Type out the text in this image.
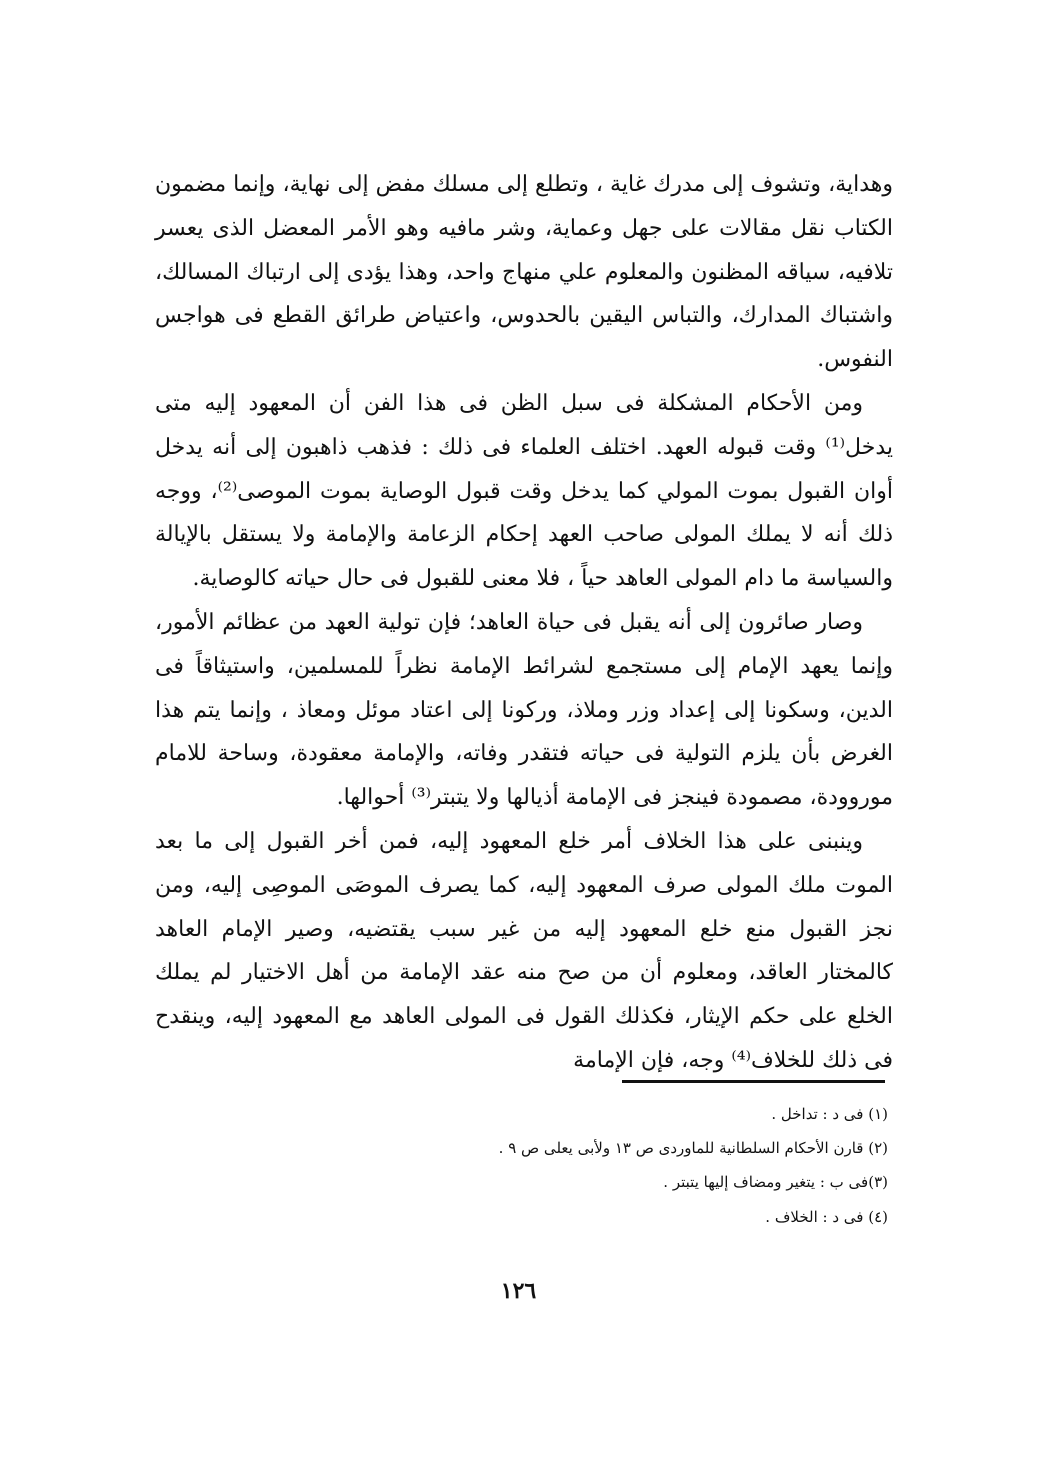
وهداية، وتشوف إلى مدرك غاية ، وتطلع إلى مسلك مفض إلى نهاية، وإنما مضمون الكتاب نقل مقالات على جهل وعماية، وشر مافيه وهو الأمر المعضل الذى يعسر تلافيه، سياقه المظنون والمعلوم علي منهاج واحد، وهذا يؤدى إلى ارتباك المسالك، واشتباك المدارك، والتباس اليقين بالحدوس، واعتياض طرائق القطع فى هواجس النفوس.

ومن الأحكام المشكلة فى سبل الظن فى هذا الفن أن المعهود إليه متى يدخل⁽¹⁾ وقت قبوله العهد. اختلف العلماء فى ذلك : فذهب ذاهبون إلى أنه يدخل أوان القبول بموت المولي كما يدخل وقت قبول الوصاية بموت الموصى⁽²⁾، ووجه ذلك أنه لا يملك المولى صاحب العهد إحكام الزعامة والإمامة ولا يستقل بالإيالة والسياسة ما دام المولى العاهد حياً ، فلا معنى للقبول فى حال حياته كالوصاية.

وصار صائرون إلى أنه يقبل فى حياة العاهد؛ فإن تولية العهد من عظائم الأمور، وإنما يعهد الإمام إلى مستجمع لشرائط الإمامة نظراً للمسلمين، واستيثاقاً فى الدين، وسكونا إلى إعداد وزر وملاذ، وركونا إلى اعتاد موئل ومعاذ ، وإنما يتم هذا الغرض بأن يلزم التولية فى حياته فتقدر وفاته، والإمامة معقودة، وساحة للامام موروودة، مصمودة فينجز فى الإمامة أذيالها ولا يتبتر⁽³⁾ أحوالها.

وينبنى على هذا الخلاف أمر خلع المعهود إليه، فمن أخر القبول إلى ما بعد الموت ملك المولى صرف المعهود إليه، كما يصرف الموصَى الموصِى إليه، ومن نجز القبول منع خلع المعهود إليه من غير سبب يقتضيه، وصير الإمام العاهد كالمختار العاقد، ومعلوم أن من صح منه عقد الإمامة من أهل الاختيار لم يملك الخلع على حكم الإيثار، فكذلك القول فى المولى العاهد مع المعهود إليه، وينقدح فى ذلك للخلاف⁽⁴⁾ وجه، فإن الإمامة

(١) فى د : تداخل .

(٢) قارن الأحكام السلطانية للماوردى ص ١٣ ولأبى يعلى ص ٩ .

(٣)فى ب : يتغير ومضاف إليها يتبتر .

(٤) فى د : الخلاف .

١٢٦
